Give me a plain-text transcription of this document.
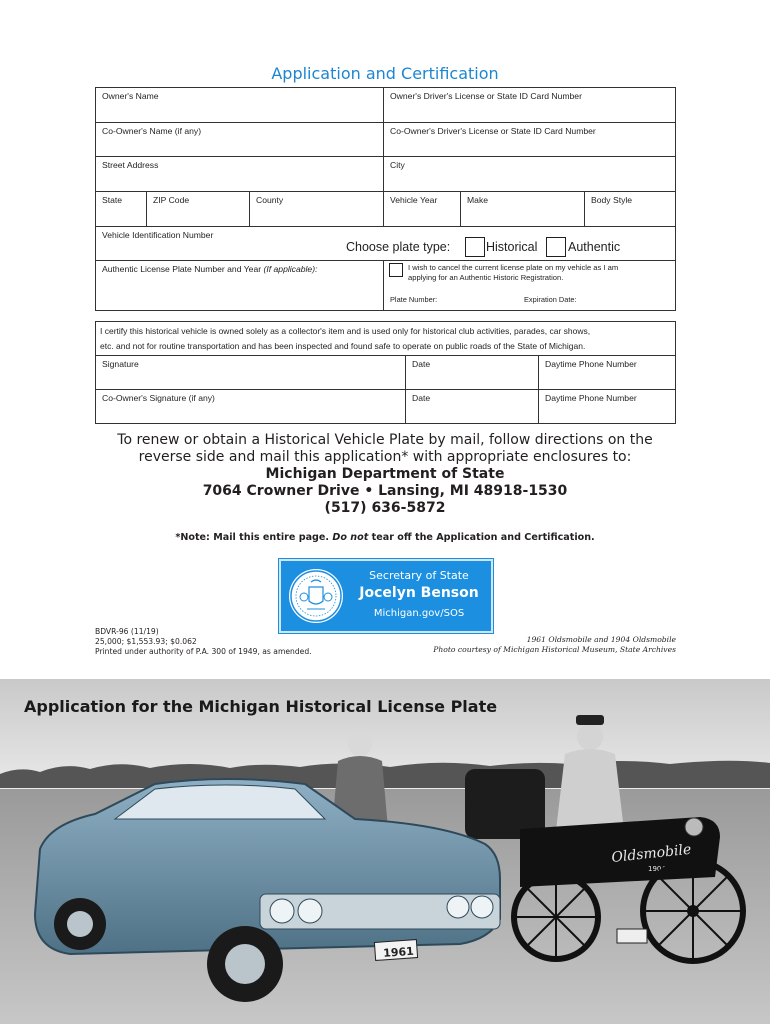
Application and Certification
Owner's Name	Owner's Driver's License or State ID Card Number
Co-Owner's Name (if any)	Co-Owner's Driver's License or State ID Card Number
Street Address	City
State	ZIP Code	County	Vehicle Year	Make	Body Style
Vehicle Identification Number
Authentic License Plate Number and Year (If applicable):	I wish to cancel the current license plate on my vehicle as I am
applying for an Authentic Historic Registration.
Plate Number:	Expiration Date:
Choose plate type:	Historical Authentic
I certify this historical vehicle is owned solely as a collector's item and is used only for historical club activities, parades, car shows,
etc. and not for routine transportation and has been inspected and found safe to operate on public roads of the State of Michigan.
Signature	Date	Daytime Phone Number
Co-Owner's Signature (if any)	Date	Daytime Phone Number
To renew or obtain a Historical Vehicle Plate by mail, follow directions on the
reverse side and mail this application* with appropriate enclosures to:
Michigan Department of State
7064 Crowner Drive • Lansing, MI 48918-1530
(517) 636-5872
*Note: Mail this entire page. Do not tear off the Application and Certification.
Secretary of State
Jocelyn Benson
Michigan.gov/SOS
BDVR-96 (11/19)
25,000; $1,553.93; $0.062
Printed under authority of P.A. 300 of 1949, as amended.
1961 Oldsmobile and 1904 Oldsmobile
Photo courtesy of Michigan Historical Museum, State Archives
Oldsmobile
1904
1961
Application for the Michigan Historical License Plate
